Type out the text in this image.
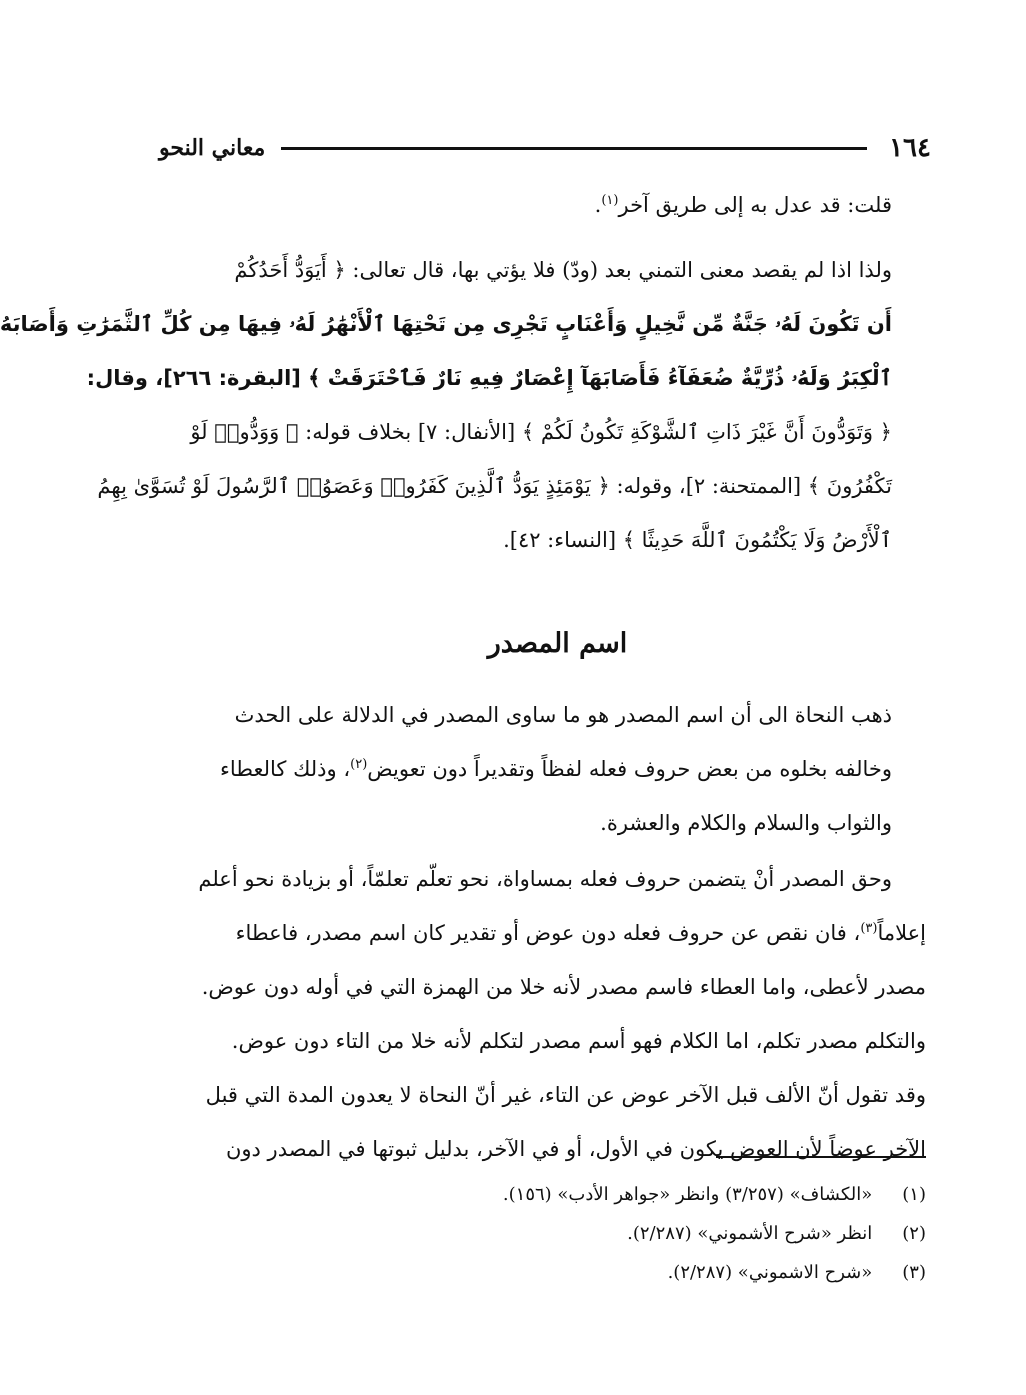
١٦٤
معاني النحو
قلت: قد عدل به إلى طريق آخر$^{(١)}$.
ولذا اذا لم يقصد معنى التمني بعد (ودّ) فلا يؤتي بها، قال تعالى: ﴿ أَيَوَدُّ أَحَدُكُمْ
أَن تَكُونَ لَهُۥ جَنَّةٌ مِّن نَّخِيلٍ وَأَعْنَابٍ تَجْرِى مِن تَحْتِهَا ٱلْأَنْهَٰرُ لَهُۥ فِيهَا مِن كُلِّ ٱلثَّمَرَٰتِ وَأَصَابَهُ
ٱلْكِبَرُ وَلَهُۥ ذُرِّيَّةٌ ضُعَفَآءُ فَأَصَابَهَآ إِعْصَارٌ فِيهِ نَارٌ فَٱحْتَرَقَتْ ﴾ [البقرة: ٢٦٦]، وقال:
﴿ وَتَوَدُّونَ أَنَّ غَيْرَ ذَاتِ ٱلشَّوْكَةِ تَكُونُ لَكُمْ ﴾ [الأنفال: ٧] بخلاف قوله: ﴿ وَوَدُّوا۟ لَوْ
تَكْفُرُونَ ﴾ [الممتحنة: ٢]، وقوله: ﴿ يَوْمَئِذٍ يَوَدُّ ٱلَّذِينَ كَفَرُوا۟ وَعَصَوُا۟ ٱلرَّسُولَ لَوْ تُسَوَّىٰ بِهِمُ
ٱلْأَرْضُ وَلَا يَكْتُمُونَ ٱللَّهَ حَدِيثًا ﴾ [النساء: ٤٢].
اسم المصدر
ذهب النحاة الى أن اسم المصدر هو ما ساوى المصدر في الدلالة على الحدث
وخالفه بخلوه من بعض حروف فعله لفظاً وتقديراً دون تعويض$^{(٢)}$، وذلك كالعطاء
والثواب والسلام والكلام والعشرة.
وحق المصدر أنْ يتضمن حروف فعله بمساواة، نحو تعلّم تعلمّاً، أو بزيادة نحو أعلم
إعلاماً$^{(٣)}$، فان نقص عن حروف فعله دون عوض أو تقدير كان اسم مصدر، فاعطاء
مصدر لأعطى، واما العطاء فاسم مصدر لأنه خلا من الهمزة التي في أوله دون عوض.
والتكلم مصدر تكلم، اما الكلام فهو أسم مصدر لتكلم لأنه خلا من التاء دون عوض.
وقد تقول أنّ الألف قبل الآخر عوض عن التاء، غير أنّ النحاة لا يعدون المدة التي قبل
الآخر عوضاً لأن العوض يكون في الأول، أو في الآخر، بدليل ثبوتها في المصدر دون
(١) «الكشاف» (٣/٢٥٧) وانظر «جواهر الأدب» (١٥٦).
(٢) انظر «شرح الأشموني» (٢/٢٨٧).
(٣) «شرح الاشموني» (٢/٢٨٧).
